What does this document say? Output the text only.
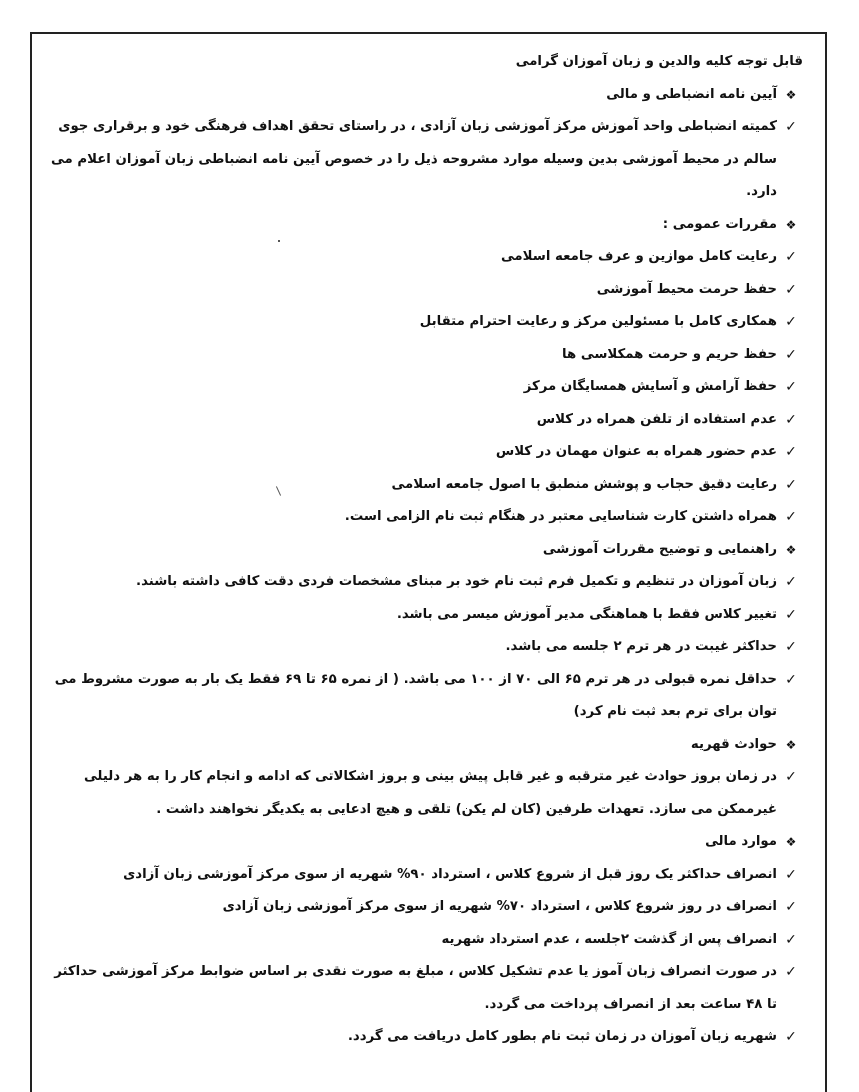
قابل توجه کلیه والدین و زبان آموزان گرامی
❖
آیین نامه انضباطی و مالی
✓
کمیته انضباطی واحد آموزش مرکز آموزشی زبان آزادی ، در راستای تحقق اهداف فرهنگی خود و برقراری جوی سالم در محیط آموزشی بدین وسیله موارد مشروحه ذیل را در خصوص آیین نامه انضباطی زبان آموزان اعلام می دارد.
❖
مقررات عمومی :
✓
رعایت کامل موازین و عرف جامعه اسلامی
✓
حفظ حرمت محیط آموزشی
✓
همکاری کامل با مسئولین مرکز و رعایت احترام متقابل
✓
حفظ حریم و حرمت همکلاسی ها
✓
حفظ آرامش و آسایش همسایگان مرکز
✓
عدم استفاده از تلفن همراه در کلاس
✓
عدم حضور همراه به عنوان مهمان در کلاس
✓
رعایت دقیق حجاب و پوشش منطبق با اصول جامعه اسلامی
✓
همراه داشتن کارت شناسایی معتبر در هنگام ثبت نام الزامی است.
❖
راهنمایی و توضیح مقررات آموزشی
✓
زبان آموزان در تنظیم و تکمیل فرم ثبت نام خود بر مبنای مشخصات فردی دقت کافی داشته باشند.
✓
تغییر کلاس فقط با هماهنگی مدیر آموزش میسر می باشد.
✓
حداکثر غیبت در هر ترم ۲ جلسه می باشد.
✓
حداقل نمره قبولی در هر ترم ۶۵ الی ۷۰ از ۱۰۰ می باشد. ( از نمره ۶۵ تا ۶۹ فقط یک بار به صورت مشروط می توان برای ترم بعد ثبت نام کرد)
❖
حوادث قهریه
✓
در زمان بروز حوادث غیر مترقبه و غیر قابل پیش بینی و بروز اشکالاتی که ادامه و انجام کار را به هر دلیلی غیرممکن می سازد. تعهدات طرفین (کان لم یکن) تلقی و هیچ ادعایی به یکدیگر نخواهند داشت .
❖
موارد مالی
✓
انصراف حداکثر یک روز قبل از شروع کلاس ، استرداد ۹۰% شهریه از سوی مرکز آموزشی زبان آزادی
✓
انصراف در روز شروع کلاس ، استرداد ۷۰% شهریه از سوی مرکز آموزشی زبان آزادی
✓
انصراف پس از گذشت ۲جلسه ، عدم استرداد شهریه
✓
در صورت انصراف زبان آموز یا عدم تشکیل کلاس ، مبلغ به صورت نقدی بر اساس ضوابط مرکز آموزشی حداکثر تا ۴۸ ساعت بعد از انصراف پرداخت می گردد.
✓
شهریه زبان آموزان در زمان ثبت نام بطور کامل دریافت می گردد.
